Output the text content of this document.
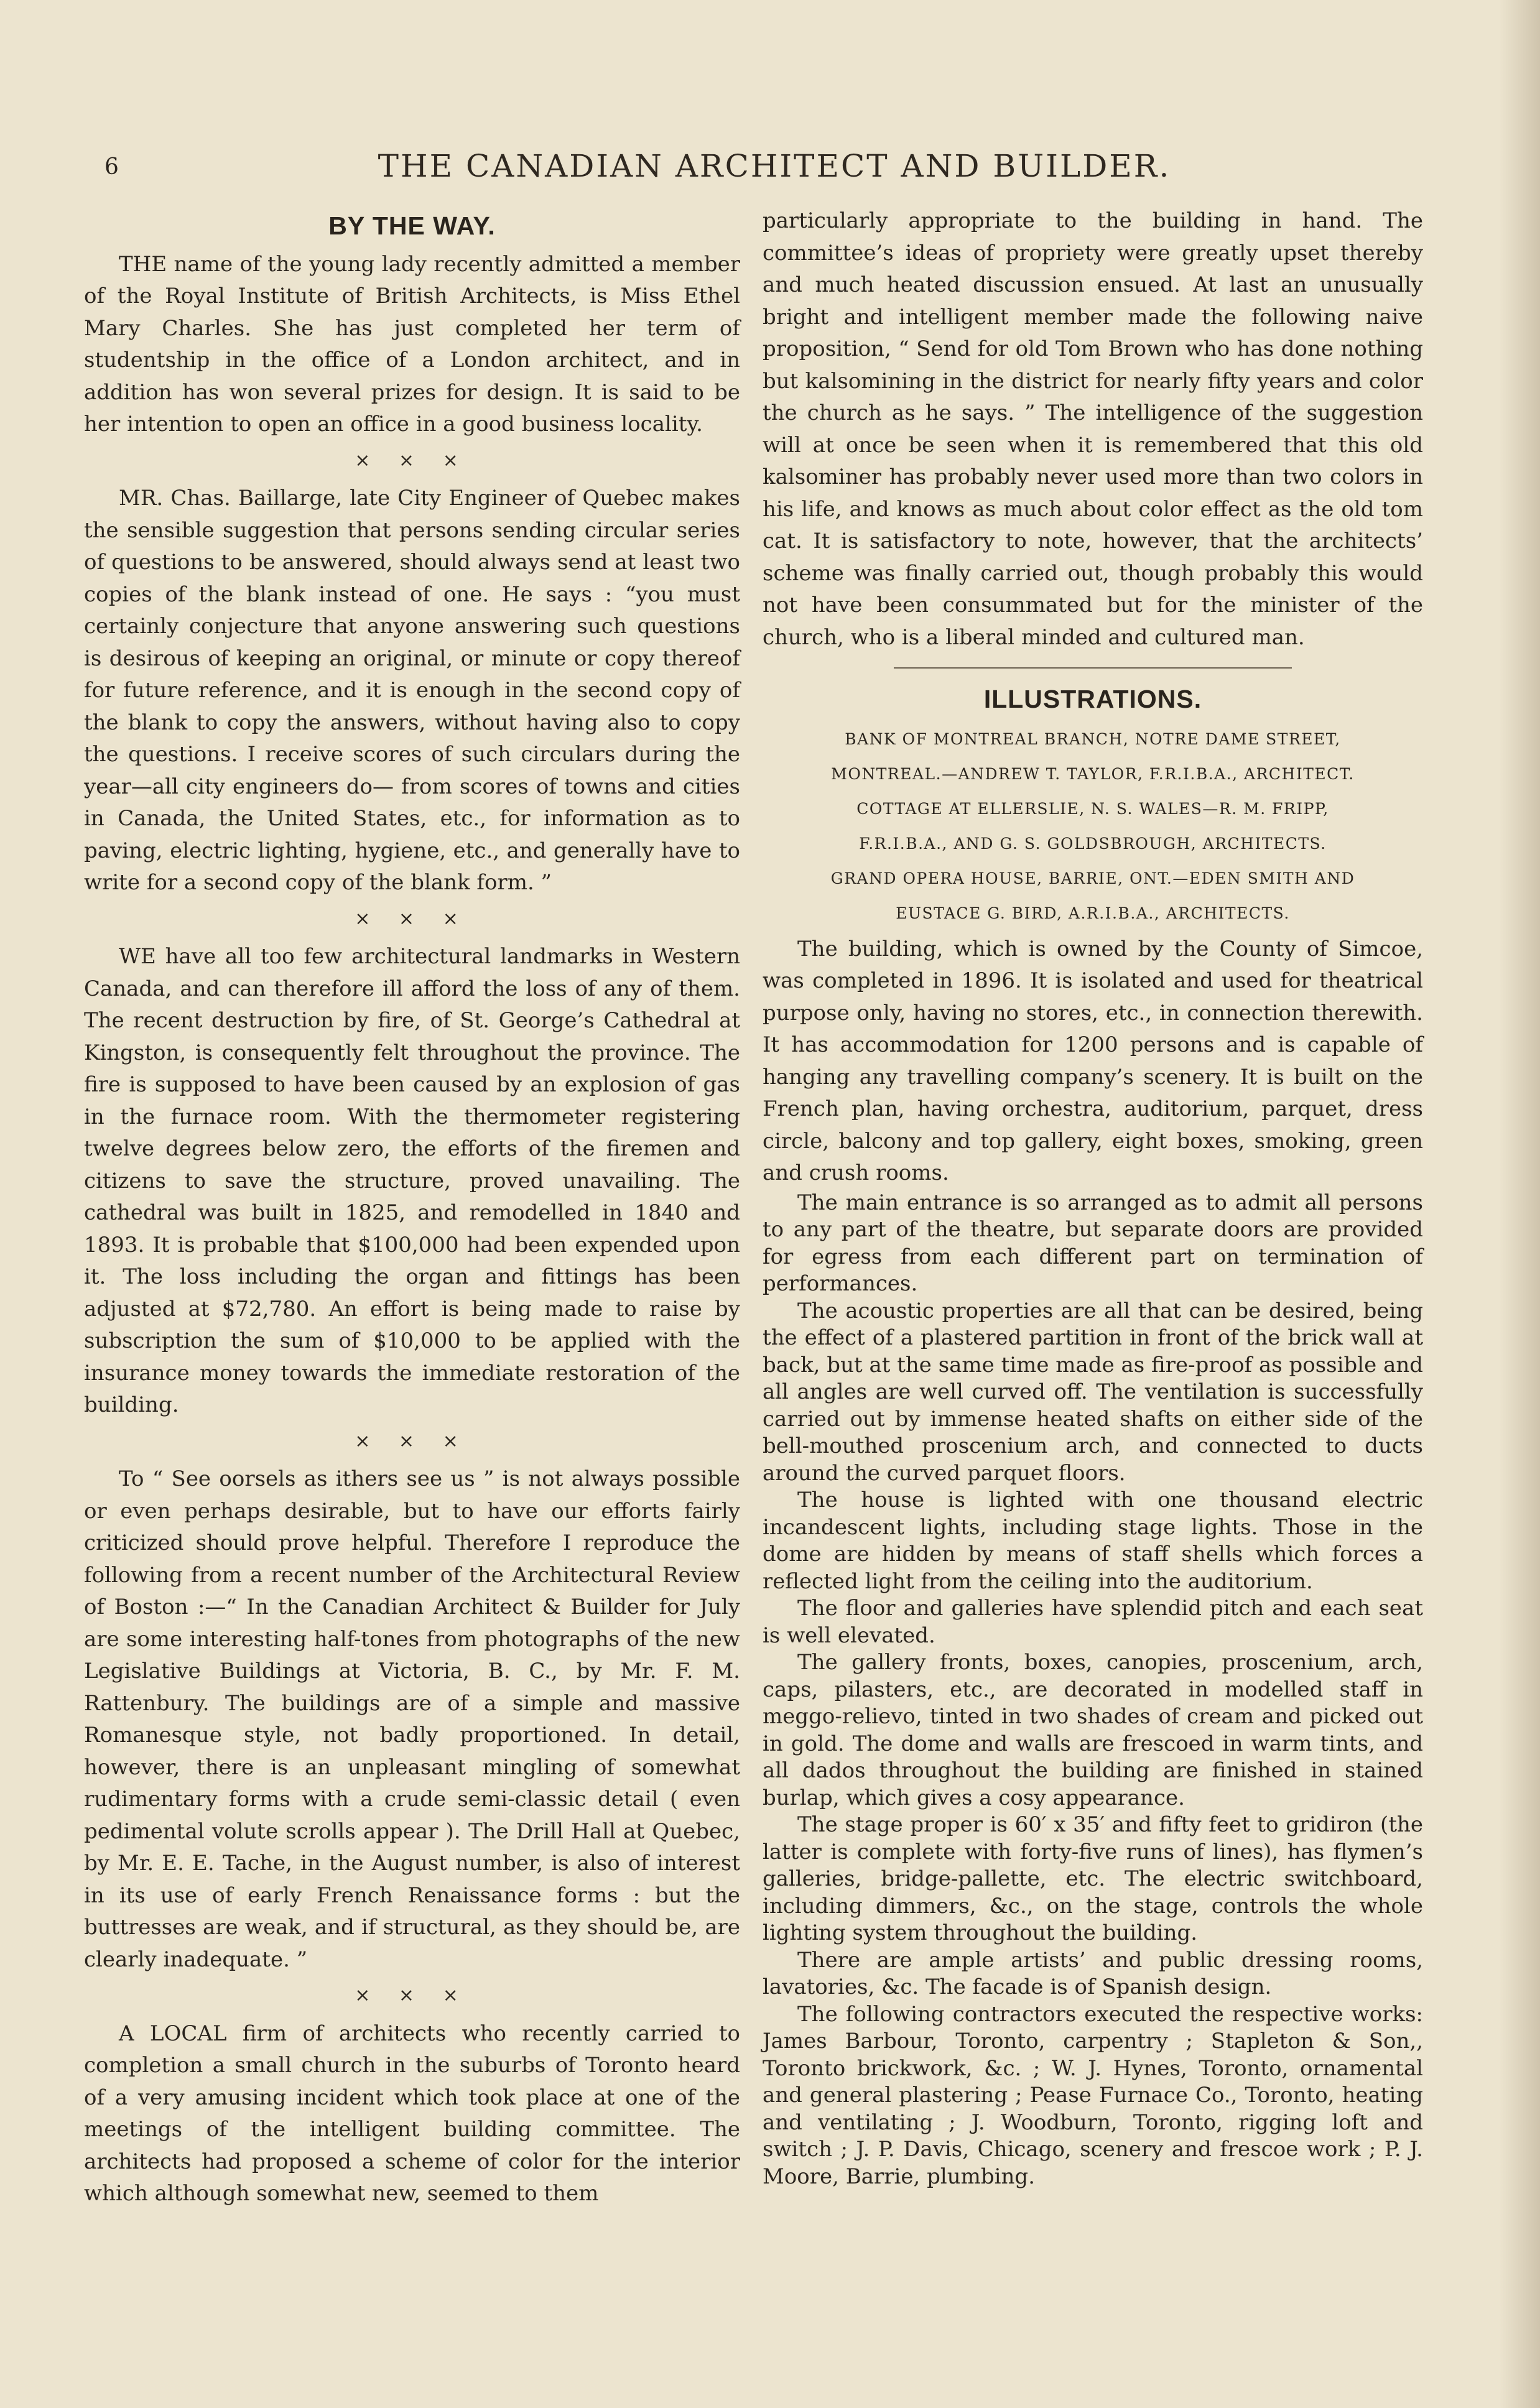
6	THE CANADIAN ARCHITECT AND BUILDER.
BY THE WAY.

THE name of the young lady recently admitted a member of the Royal Institute of British Architects, is Miss Ethel Mary Charles. She has just completed her term of studentship in the office of a London architect, and in addition has won several prizes for design. It is said to be her intention to open an office in a good business locality.

× × ×

MR. Chas. Baillarge, late City Engineer of Quebec makes the sensible suggestion that persons sending circular series of questions to be answered, should always send at least two copies of the blank instead of one. He says : “you must certainly conjecture that anyone answering such questions is desirous of keeping an original, or minute or copy thereof for future reference, and it is enough in the second copy of the blank to copy the answers, without having also to copy the questions. I receive scores of such circulars during the year—all city engineers do— from scores of towns and cities in Canada, the United States, etc., for information as to paving, electric lighting, hygiene, etc., and generally have to write for a second copy of the blank form. ”

× × ×

WE have all too few architectural landmarks in Western Canada, and can therefore ill afford the loss of any of them. The recent destruction by fire, of St. George’s Cathedral at Kingston, is consequently felt throughout the province. The fire is supposed to have been caused by an explosion of gas in the furnace room. With the thermometer registering twelve degrees below zero, the efforts of the firemen and citizens to save the structure, proved unavailing. The cathedral was built in 1825, and remodelled in 1840 and 1893. It is probable that $100,000 had been expended upon it. The loss including the organ and fittings has been adjusted at $72,780. An effort is being made to raise by subscription the sum of $10,000 to be applied with the insurance money towards the immediate restoration of the building.

× × ×

To “ See oorsels as ithers see us ” is not always possible or even perhaps desirable, but to have our efforts fairly criticized should prove helpful. Therefore I reproduce the following from a recent number of the Architectural Review of Boston :—“ In the Canadian Architect & Builder for July are some interesting half-tones from photographs of the new Legislative Buildings at Victoria, B. C., by Mr. F. M. Rattenbury. The buildings are of a simple and massive Romanesque style, not badly proportioned. In detail, however, there is an unpleasant mingling of somewhat rudimentary forms with a crude semi-classic detail ( even pedimental volute scrolls appear ). The Drill Hall at Quebec, by Mr. E. E. Tache, in the August number, is also of interest in its use of early French Renaissance forms : but the buttresses are weak, and if structural, as they should be, are clearly inadequate. ”

× × ×

A LOCAL firm of architects who recently carried to completion a small church in the suburbs of Toronto heard of a very amusing incident which took place at one of the meetings of the intelligent building committee. The architects had proposed a scheme of color for the interior which although somewhat new, seemed to them

particularly appropriate to the building in hand. The committee’s ideas of propriety were greatly upset thereby and much heated discussion ensued. At last an unusually bright and intelligent member made the following naive proposition, “ Send for old Tom Brown who has done nothing but kalsomining in the district for nearly fifty years and color the church as he says. ” The intelligence of the suggestion will at once be seen when it is remembered that this old kalsominer has probably never used more than two colors in his life, and knows as much about color effect as the old tom cat. It is satisfactory to note, however, that the architects’ scheme was finally carried out, though probably this would not have been consummated but for the minister of the church, who is a liberal minded and cultured man.

ILLUSTRATIONS.
BANK OF MONTREAL BRANCH, NOTRE DAME STREET,
MONTREAL.—ANDREW T. TAYLOR, F.R.I.B.A., ARCHITECT.
COTTAGE AT ELLERSLIE, N. S. WALES—R. M. FRIPP,
F.R.I.B.A., AND G. S. GOLDSBROUGH, ARCHITECTS.
GRAND OPERA HOUSE, BARRIE, ONT.—EDEN SMITH AND
EUSTACE G. BIRD, A.R.I.B.A., ARCHITECTS.

The building, which is owned by the County of Simcoe, was completed in 1896. It is isolated and used for theatrical purpose only, having no stores, etc., in connection therewith. It has accommodation for 1200 persons and is capable of hanging any travelling company’s scenery. It is built on the French plan, having orchestra, auditorium, parquet, dress circle, balcony and top gallery, eight boxes, smoking, green and crush rooms.

The main entrance is so arranged as to admit all persons to any part of the theatre, but separate doors are provided for egress from each different part on termination of performances.

The acoustic properties are all that can be desired, being the effect of a plastered partition in front of the brick wall at back, but at the same time made as fire-proof as possible and all angles are well curved off. The ventilation is successfully carried out by immense heated shafts on either side of the bell-mouthed proscenium arch, and connected to ducts around the curved parquet floors.

The house is lighted with one thousand electric incandescent lights, including stage lights. Those in the dome are hidden by means of staff shells which forces a reflected light from the ceiling into the auditorium.

The floor and galleries have splendid pitch and each seat is well elevated.

The gallery fronts, boxes, canopies, proscenium, arch, caps, pilasters, etc., are decorated in modelled staff in meggo-relievo, tinted in two shades of cream and picked out in gold. The dome and walls are frescoed in warm tints, and all dados throughout the building are finished in stained burlap, which gives a cosy appearance.

The stage proper is 60′ x 35′ and fifty feet to gridiron (the latter is complete with forty-five runs of lines), has flymen’s galleries, bridge-pallette, etc. The electric switchboard, including dimmers, &c., on the stage, controls the whole lighting system throughout the building.

There are ample artists’ and public dressing rooms, lavatories, &c. The facade is of Spanish design.

The following contractors executed the respective works: James Barbour, Toronto, carpentry ; Stapleton & Son,, Toronto brickwork, &c. ; W. J. Hynes, Toronto, ornamental and general plastering ; Pease Furnace Co., Toronto, heating and ventilating ; J. Woodburn, Toronto, rigging loft and switch ; J. P. Davis, Chicago, scenery and frescoe work ; P. J. Moore, Barrie, plumbing.
